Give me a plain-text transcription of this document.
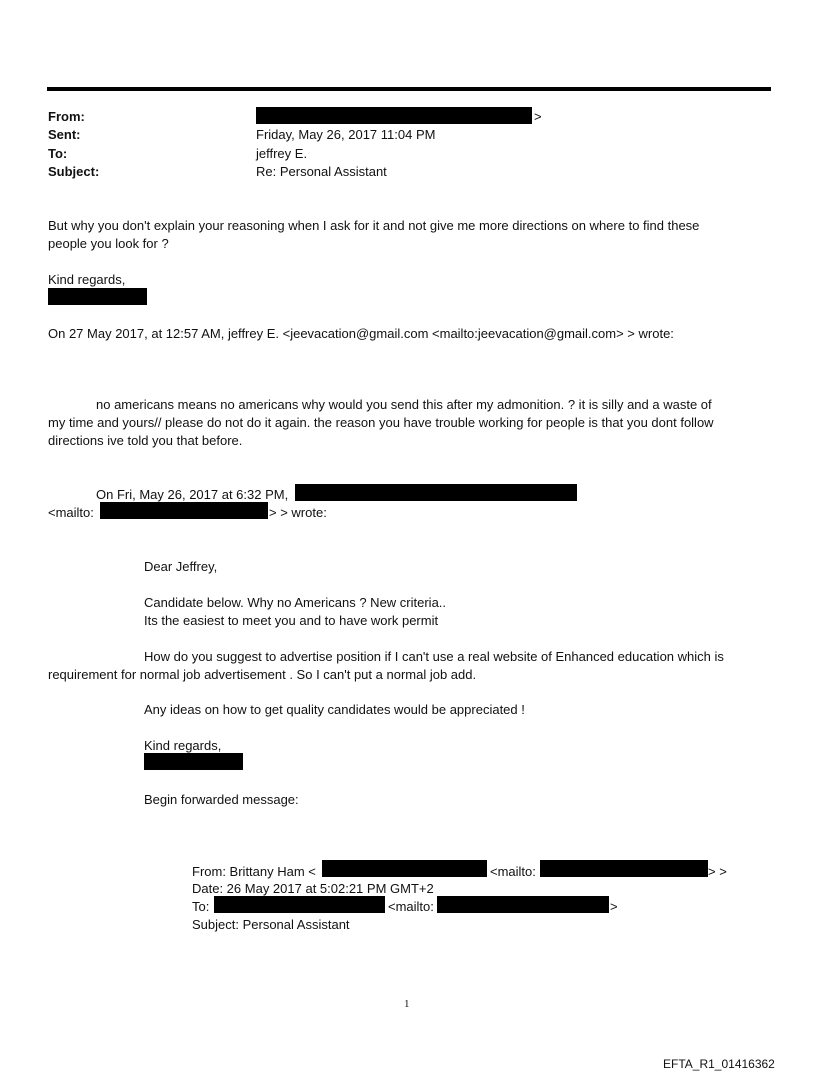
From:	>
Sent:	Friday, May 26, 2017 11:04 PM
To:	jeffrey E.
Subject:	Re: Personal Assistant
But why you don't explain your reasoning when I ask for it and not give me more directions on where to find these
people you look for ?
Kind regards,
On 27 May 2017, at 12:57 AM, jeffrey E. <jeevacation@gmail.com <mailto:jeevacation@gmail.com> > wrote:
no americans means no americans why would you send this after my admonition. ? it is silly and a waste of
my time and yours// please do not do it again. the reason you have trouble working for people is that you dont follow
directions ive told you that before.
On Fri, May 26, 2017 at 6:32 PM,
<mailto:	> > wrote:
Dear Jeffrey,
Candidate below. Why no Americans ? New criteria..
Its the easiest to meet you and to have work permit
How do you suggest to advertise position if I can't use a real website of Enhanced education which is
requirement for normal job advertisement . So I can't put a normal job add.
Any ideas on how to get quality candidates would be appreciated !
Kind regards,
Begin forwarded message:
From: Brittany Ham <	<mailto:	> >
Date: 26 May 2017 at 5:02:21 PM GMT+2
To:	<mailto:	>
Subject: Personal Assistant
1
EFTA_R1_01416362
